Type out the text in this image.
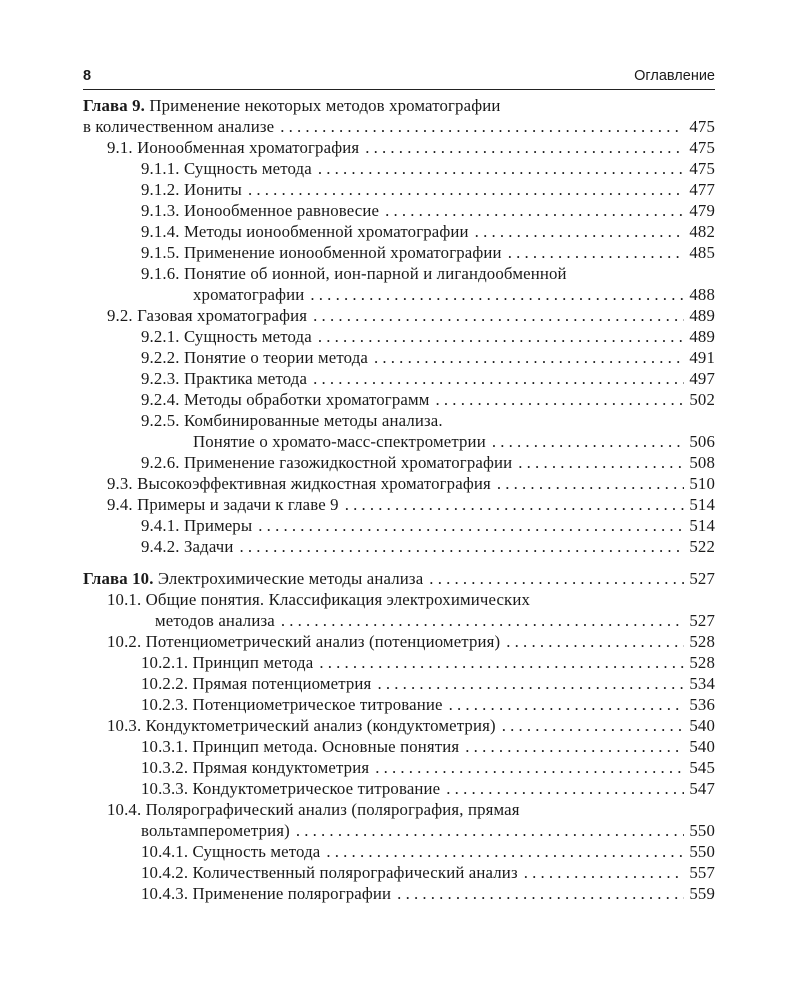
8	Оглавление
Глава 9. Применение некоторых методов хроматографии
в количественном анализе . . .	475
9.1. Ионообменная хроматография . . .	475
9.1.1. Сущность метода . . .	475
9.1.2. Иониты . . .	477
9.1.3. Ионообменное равновесие . . .	479
9.1.4. Методы ионообменной хроматографии . . .	482
9.1.5. Применение ионообменной хроматографии . . .	485
9.1.6. Понятие об ионной, ион-парной и лигандообменной
хроматографии . . .	488
9.2. Газовая хроматография . . .	489
9.2.1. Сущность метода . . .	489
9.2.2. Понятие о теории метода . . .	491
9.2.3. Практика метода . . .	497
9.2.4. Методы обработки хроматограмм . . .	502
9.2.5. Комбинированные методы анализа.
Понятие о хромато-масс-спектрометрии . . .	506
9.2.6. Применение газожидкостной хроматографии . . .	508
9.3. Высокоэффективная жидкостная хроматография . . .	510
9.4. Примеры и задачи к главе 9 . . .	514
9.4.1. Примеры . . .	514
9.4.2. Задачи . . .	522
Глава 10. Электрохимические методы анализа . . .	527
10.1. Общие понятия. Классификация электрохимических
методов анализа . . .	527
10.2. Потенциометрический анализ (потенциометрия) . . .	528
10.2.1. Принцип метода . . .	528
10.2.2. Прямая потенциометрия . . .	534
10.2.3. Потенциометрическое титрование . . .	536
10.3. Кондуктометрический анализ (кондуктометрия) . . .	540
10.3.1. Принцип метода. Основные понятия . . .	540
10.3.2. Прямая кондуктометрия . . .	545
10.3.3. Кондуктометрическое титрование . . .	547
10.4. Полярографический анализ (полярография, прямая
вольтамперометрия) . . .	550
10.4.1. Сущность метода . . .	550
10.4.2. Количественный полярографический анализ . . .	557
10.4.3. Применение полярографии . . .	559
